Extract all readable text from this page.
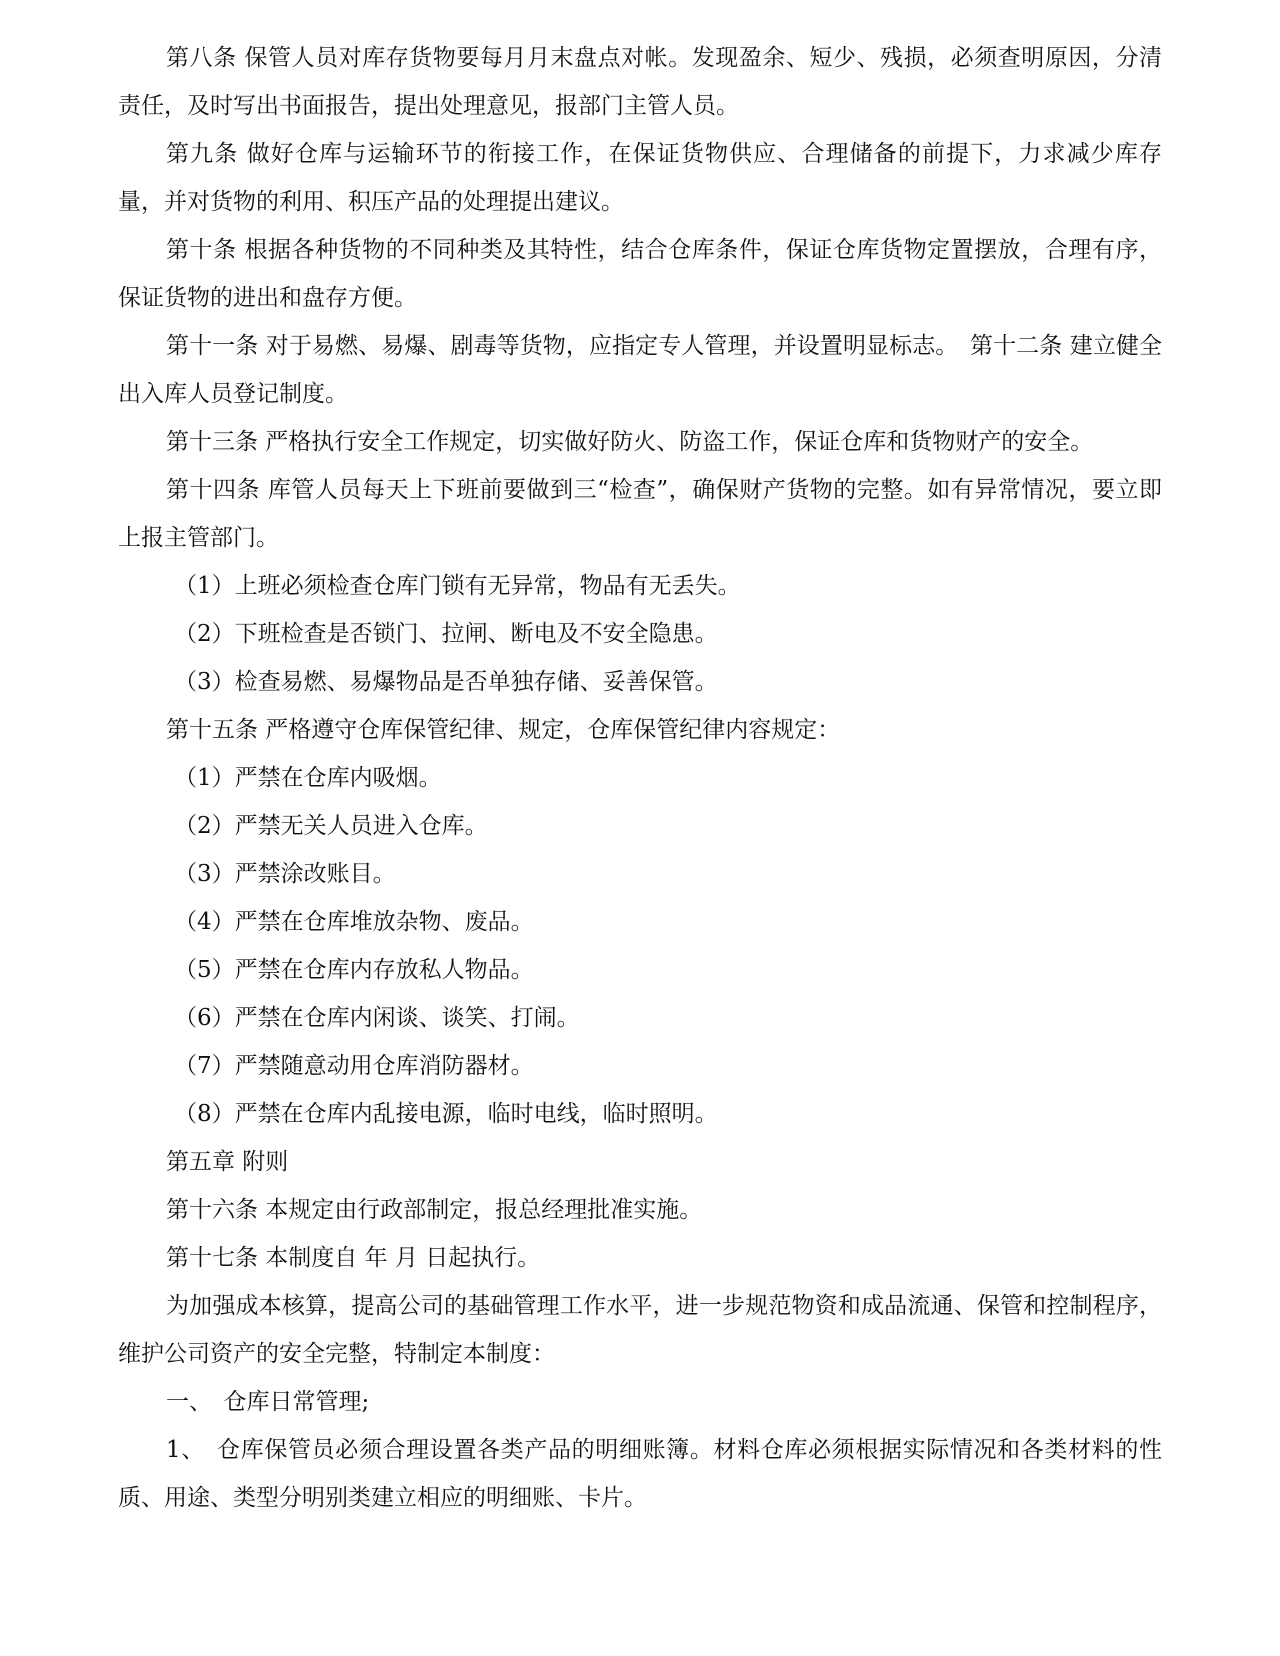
第八条 保管人员对库存货物要每月月末盘点对帐。发现盈余、短少、残损，必须查明原因，分清责任，及时写出书面报告，提出处理意见，报部门主管人员。

第九条 做好仓库与运输环节的衔接工作，在保证货物供应、合理储备的前提下，力求减少库存量，并对货物的利用、积压产品的处理提出建议。

第十条 根据各种货物的不同种类及其特性，结合仓库条件，保证仓库货物定置摆放，合理有序，保证货物的进出和盘存方便。

第十一条 对于易燃、易爆、剧毒等货物，应指定专人管理，并设置明显标志。　第十二条 建立健全出入库人员登记制度。

第十三条 严格执行安全工作规定，切实做好防火、防盗工作，保证仓库和货物财产的安全。

第十四条 库管人员每天上下班前要做到三“检查”，确保财产货物的完整。如有异常情况，要立即上报主管部门。

（1）上班必须检查仓库门锁有无异常，物品有无丢失。

（2）下班检查是否锁门、拉闸、断电及不安全隐患。

（3）检查易燃、易爆物品是否单独存储、妥善保管。

第十五条 严格遵守仓库保管纪律、规定，仓库保管纪律内容规定：

（1）严禁在仓库内吸烟。

（2）严禁无关人员进入仓库。

（3）严禁涂改账目。

（4）严禁在仓库堆放杂物、废品。

（5）严禁在仓库内存放私人物品。

（6）严禁在仓库内闲谈、谈笑、打闹。

（7）严禁随意动用仓库消防器材。

（8）严禁在仓库内乱接电源，临时电线，临时照明。

第五章 附则

第十六条 本规定由行政部制定，报总经理批准实施。

第十七条 本制度自 年 月 日起执行。

为加强成本核算，提高公司的基础管理工作水平，进一步规范物资和成品流通、保管和控制程序，维护公司资产的安全完整，特制定本制度：

一、　仓库日常管理;

1、　仓库保管员必须合理设置各类产品的明细账簿。材料仓库必须根据实际情况和各类材料的性质、用途、类型分明别类建立相应的明细账、卡片。
